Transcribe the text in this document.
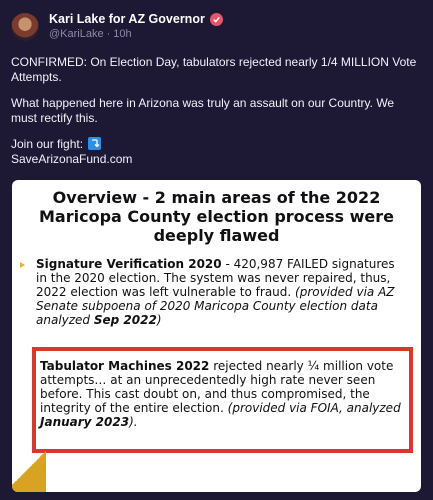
Kari Lake for AZ Governor
@KariLake · 10h

CONFIRMED: On Election Day, tabulators rejected nearly 1/4 MILLION Vote Attempts.

What happened here in Arizona was truly an assault on our Country. We must rectify this.

Join our fight:

SaveArizonaFund.com

Overview - 2 main areas of the 2022
Maricopa County election process were
deeply flawed
Signature Verification 2020 - 420,987 FAILED signatures in the 2020 election. The system was never repaired, thus, 2022 election was left vulnerable to fraud. (provided via AZ Senate subpoena of 2020 Maricopa County election data analyzed Sep 2022)
Tabulator Machines 2022 rejected nearly ¼ million vote attempts… at an unprecedentedly high rate never seen before. This cast doubt on, and thus compromised, the integrity of the entire election. (provided via FOIA, analyzed January 2023).
